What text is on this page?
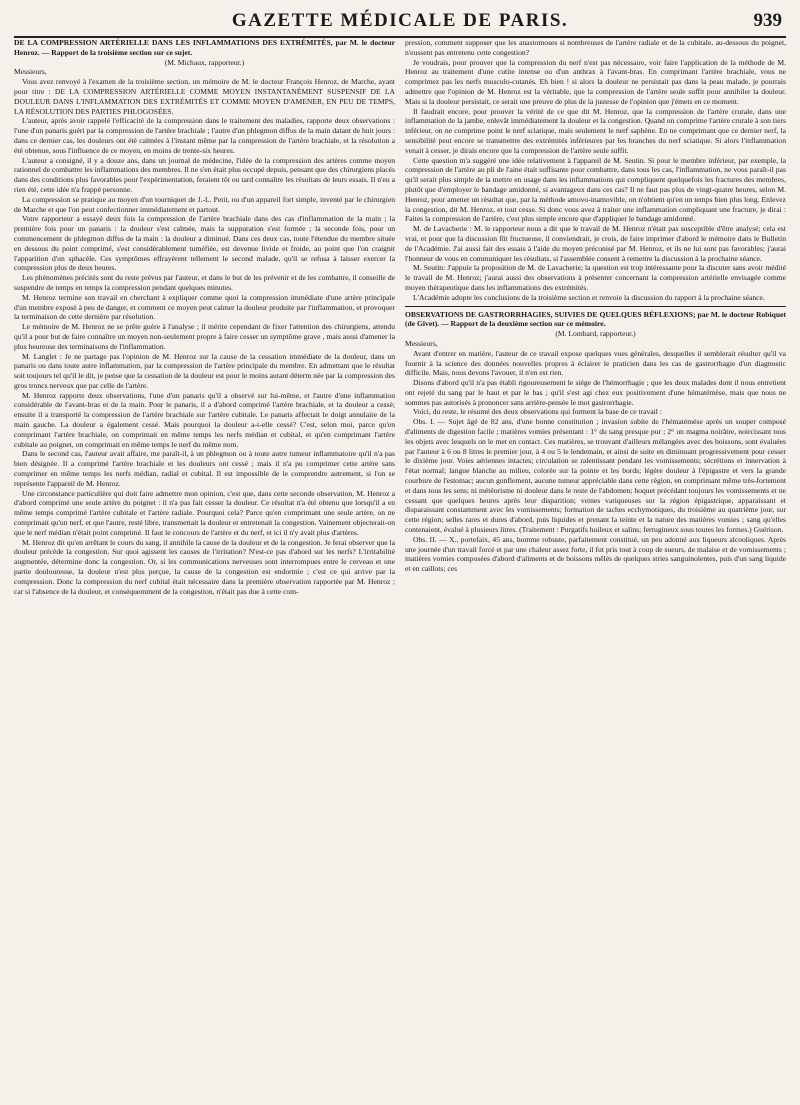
GAZETTE MÉDICALE DE PARIS.	939

DE LA COMPRESSION ARTÉRIELLE DANS LES INFLAMMATIONS DES EXTRÉMITÉS, par M. le docteur Henroz. — Rapport de la troisième section sur ce sujet.

(M. Michaux, rapporteur.)

Messieurs,

Vous avez renvoyé à l'examen de la troisième section, un mémoire de M. le docteur François Henroz, de Marche, ayant pour titre : DE LA COMPRESSION ARTÉRIELLE COMME MOYEN INSTANTANÉMENT SUSPENSIF DE LA DOULEUR DANS L'INFLAMMATION DES EXTRÉMITÉS ET COMME MOYEN D'AMENER, EN PEU DE TEMPS, LA RÉSOLUTION DES PARTIES PHLOGOSÉES.

L'auteur, après avoir rappelé l'efficacité de la compression dans le traitement des maladies, rapporte deux observations : l'une d'un panaris guéri par la compression de l'artère brachiale ; l'autre d'un phlegmon diffus de la main datant de huit jours : dans ce dernier cas, les douleurs ont été calmées à l'instant même par la compression de l'artère brachiale, et la résolution a été obtenue, sous l'influence de ce moyen, en moins de trente-six heures.

L'auteur a consigné, il y a douze ans, dans un journal de médecine, l'idée de la compression des artères comme moyen rationnel de combattre les inflammations des membres. Il ne s'en était plus occupé depuis, pensant que des chirurgiens placés dans des conditions plus favorables pour l'expérimentation, feraient tôt ou tard connaître les résultats de leurs essais. Il n'eu a rien été, cette idée n'a frappé personne.

La compression se pratique au moyen d'un tourniquet de J.-L. Petit, ou d'un appareil fort simple, inventé par le chirurgien de Marche et que l'on peut confectionner immédiatement et partout.

Votre rapporteur a essayé deux fois la compression de l'artère brachiale dans des cas d'inflammation de la main ; la première fois pour un panaris : la douleur s'est calmée, mais la suppuration s'est formée ; la seconde fois, pour un commencement de phlegmon diffus de la main : la douleur a diminué. Dans ces deux cas, toute l'étendue du membre située en dessous du point comprimé, s'est considérablement tuméfiée, est devenue livide et froide, au point que l'on craignit l'apparition d'un sphacèle. Ces symptômes effrayèrent tellement le second malade, qu'il se refusa à laisser exercer la compression plus de deux heures.

Les phénomènes précités sont du reste prévus par l'auteur, et dans le but de les prévenir et de les combattre, il conseille de suspendre de temps en temps la compression pendant quelques minutes.

M. Henroz termine son travail en cherchant à expliquer comme quoi la compression immédiate d'une artère principale d'un membre exposé à peu de danger, et comment ce moyen peut calmer la douleur produite par l'inflammation, et provoquer la terminaison de cette dernière par résolution.

Le mémoire de M. Henroz ne se prête guère à l'analyse ; il mérite cependant de fixer l'attention des chirurgiens, attendu qu'il a pour but de faire connaître un moyen non-seulement propre à faire cesser un symptôme grave , mais aussi d'amener la plus heureuse des terminaisons de l'inflammation.

M. Langlet : Je ne partage pas l'opinion de M. Henroz sur la cause de la cessation immédiate de la douleur, dans un panaris ou dans toute autre inflammation, par la compression de l'artère principale du membre. En admettant que le résultat soit toujours tel qu'il le dit, je pense que la cessation de la douleur est pour le moins autant déterm née par la compression des gros troncs nerveux que par celle de l'artère.

M. Henroz rapporte deux observations, l'une d'un panaris qu'il a observé sur lui-même, et l'autre d'une inflammation considérable de l'avant-bras et de la main. Pour le panaris, il a d'abord comprimé l'artère brachiale, et la douleur a cessé; ensuite il a transporté la compression de l'artère brachiale sur l'artère cubitale. Le panaris affectait le doigt annulaire de la main gauche. La douleur a également cessé. Mais pourquoi la douleur a-t-elle cessé? C'est, selon moi, parce qu'en comprimant l'artère brachiale, on comprimait en même temps les nerfs médian et cubital, et qu'en comprimant l'artère cubitale au poignet, on comprimait en même temps le nerf du même nom.

Dans le second cas, l'auteur avait affaire, me paraît-il, à un phlegmon ou à toute autre tumeur inflammatoire qu'il n'a pas bien désignée. Il a comprimé l'artère brachiale et les douleurs ont cessé ; mais il n'a pu comprimer cette artère sans comprimer en même temps les nerfs médian, radial et cubital. Il est impossible de le comprendre autrement, si l'on se représente l'appareil de M. Henroz.

Une circonstance particulière qui doit faire admettre mon opinion, c'est que, dans cette seconde observation, M. Henroz a d'abord comprimé une seule artère du poignet : il n'a pas fait cesser la douleur. Ce résultat n'a été obtenu que lorsqu'il a en même temps comprimé l'artère cubitale et l'artère radiale. Pourquoi cela? Parce qu'en comprimant une seule artère, on ne comprimait qu'un nerf, et que l'autre, resté libre, transmettait la douleur et entretenait la congestion. Vainement objecterait-on que le nerf médian n'était point comprimé. Il faut le concours de l'artère et du nerf, et ici il n'y avait plus d'artères.

M. Henroz dit qu'en arrêtant le cours du sang, il annihile la cause de la douleur et de la congestion. Je ferai observer que la douleur précède la congestion. Sur quoi agissent les causes de l'irritation? N'est-ce pas d'abord sur les nerfs? L'irritabilité augmentée, détermine donc la congestion. Or, si les communications nerveuses sont interrompues entre le cerveau et une partie douloureuse, la douleur n'est plus perçue, la cause de la congestion est endormie ; c'est ce qui arrive par la compression. Donc la compression du nerf cubital était nécessaire dans la première observation rapportée par M. Henroz ; car si l'absence de la douleur, et conséquemment de la congestion, n'était pas due à cette com-

pression, comment supposer que les anastomoses si nombreuses de l'artère radiale et de la cubitale, au-dessous du poignet, n'eussent pas entretenu cette congestion?

Je voudrais, pour prouver que la compression du nerf n'est pas nécessaire, voir faire l'application de la méthode de M. Henroz au traitement d'une cutite intense ou d'un anthrax à l'avant-bras. En comprimant l'artère brachiale, vous ne comprimez pas les nerfs musculo-cutanés. Eh bien ! si alors la douleur ne persistait pas dans la peau malade, je pourrais admettre que l'opinion de M. Henroz est la véritable, que la compression de l'artère seule suffit pour annihiler la douleur. Mais si la douleur persistait, ce serait une preuve de plus de la justesse de l'opinion que j'émets en ce moment.

Il faudrait encore, pour prouver la vérité de ce que dit M. Henroz, que la compression de l'artère crurale, dans une inflammation de la jambe, enlevât immédiatement la douleur et la congestion. Quand on comprime l'artère crurale à son tiers inférieur, on ne comprime point le nerf sciatique, mais seulement le nerf saphène. En ne comprimant que ce dernier nerf, la sensibilité peut encore se transmettre des extrémités inférieures par les branches du nerf sciatique. Si alors l'inflammation venait à cesser, je dirais encore que la compression de l'artère seule suffit.

Cette question m'a suggéré une idée relativement à l'appareil de M. Seutin. Si pour le membre inférieur, par exemple, la compression de l'artère au pli de l'aine était suffisante pour combattre, dans tous les cas, l'inflammation, ne vous paraît-il pas qu'il serait plus simple de la mettre en usage dans les inflammations qui compliquent quelquefois les fractures des membres, plutôt que d'employer le bandage amidonné, si avantageux dans ces cas? Il ne faut pas plus de vingt-quatre heures, selon M. Henroz, pour amener un résultat que, par la méthode amovo-inamovible, on n'obtient qu'en un temps bien plus long. Enlevez la congestion, dit M. Henroz, et tout cesse. Si donc vous avez à traiter une inflammation compliquant une fracture, je dirai : Faites la compression de l'artère, c'est plus simple encore que d'appliquer le bandage amidonné.

M. de Lavacherie : M. le rapporteur nous a dit que le travail de M. Henroz n'était pas susceptible d'être analysé; cela est vrai, et pour que la discussion fût fructueuse, il conviendrait, je crois, de faire imprimer d'abord le mémoire dans le Bulletin de l'Académie. J'ai aussi fait des essais à l'aide du moyen préconisé par M. Henroz, et ils ne lui sont pas favorables; j'aurai l'honneur de vous en communiquer les résultats, si l'assemblée consent à remettre la discussion à la prochaine séance.

M. Seutin: J'appuie la proposition de M. de Lavacherie; la question est trop intéressante pour la discuter sans avoir médité le travail de M. Henroz; j'aurai aussi des observations à présenter concernant la compression artérielle envisagée comme moyen thérapeutique dans les inflammations des extrémités.

L'Académie adopte les conclusions de la troisième section et renvoie la discussion du rapport à la prochaine séance.

OBSERVATIONS DE GASTRORRHAGIES, SUIVIES DE QUELQUES RÉFLEXIONS; par M. le docteur Robiquet (de Givet). — Rapport de la deuxième section sur ce mémoire.

(M. Lombard, rapporteur.)

Messieurs,

Avant d'entrer en matière, l'auteur de ce travail expose quelques vues générales, desquelles il semblerait résulter qu'il va fournir à la science des données nouvelles propres à éclairer le praticien dans les cas de gastrorrhagie d'un diagnostic difficile. Mais, nous devons l'avouer, il n'en est rien.

Disons d'abord qu'il n'a pas établi rigoureusement le siége de l'hémorrhagie ; que les deux malades dont il nous entretient ont rejeté du sang par le haut et par le bas ; qu'il s'est agi chez eux positivement d'une hématémèse, mais que nous ne sommes pas autorisés à prononcer sans arrière-pensée le mot gastrorrhagie.

Voici, du reste, le résumé des deux observations qui forment la base de ce travail :

Obs. I. — Sujet âgé de 82 ans, d'une bonne constitution ; invasion subite de l'hématémèse après un souper composé d'aliments de digestion facile ; matières vomies présentant : 1° du sang presque pur ; 2° un magma noirâtre, noircissant tous les objets avec lesquels on le met en contact. Ces matières, se trouvant d'ailleurs mélangées avec des boissons, sont évaluées par l'auteur à 6 ou 8 litres le premier jour, à 4 ou 5 le lendemain, et ainsi de suite en diminuant progressivement pour cesser le dixième jour. Voies aériennes intactes; circulation se ralentissant pendant les vomissements; sécrétions et innervation à l'état normal; langue blanche au milieu, colorée sur la pointe et les bords; légère douleur à l'épigastre et vers la grande courbure de l'estomac; aucun gonflement, aucune tumeur appréciable dans cette région, en comprimant même très-fortement et dans tous les sens; ni météorisme ni douleur dans le reste de l'abdomen; hoquet précédant toujours les vomissements et ne cessant que quelques heures après leur disparition; veines variqueuses sur la région épigastrique, apparaissant et disparaissant constamment avec les vomissements; formation de taches ecchymotiques, du troisième au quatrième jour, sur cette région; selles rares et dures d'abord, puis liquides et prenant la teinte et la nature des matières vomies ; sang qu'elles contenaient, évalué à plusieurs litres. (Traitement : Purgatifs huileux et salins; ferrugineux sous toutes les formes.) Guérison.

Obs. II. — X., portefaix, 45 ans, homme robuste, parfaitement constitué, un peu adonné aux liqueurs alcooliques. Après une journée d'un travail forcé et par une chaleur assez forte, il fut pris tout à coup de sueurs, de malaise et de vomissements ; matières vomies composées d'abord d'aliments et de boissons mêlés de quelques stries sanguinolentes, puis d'un sang liquide et en caillots; ces
